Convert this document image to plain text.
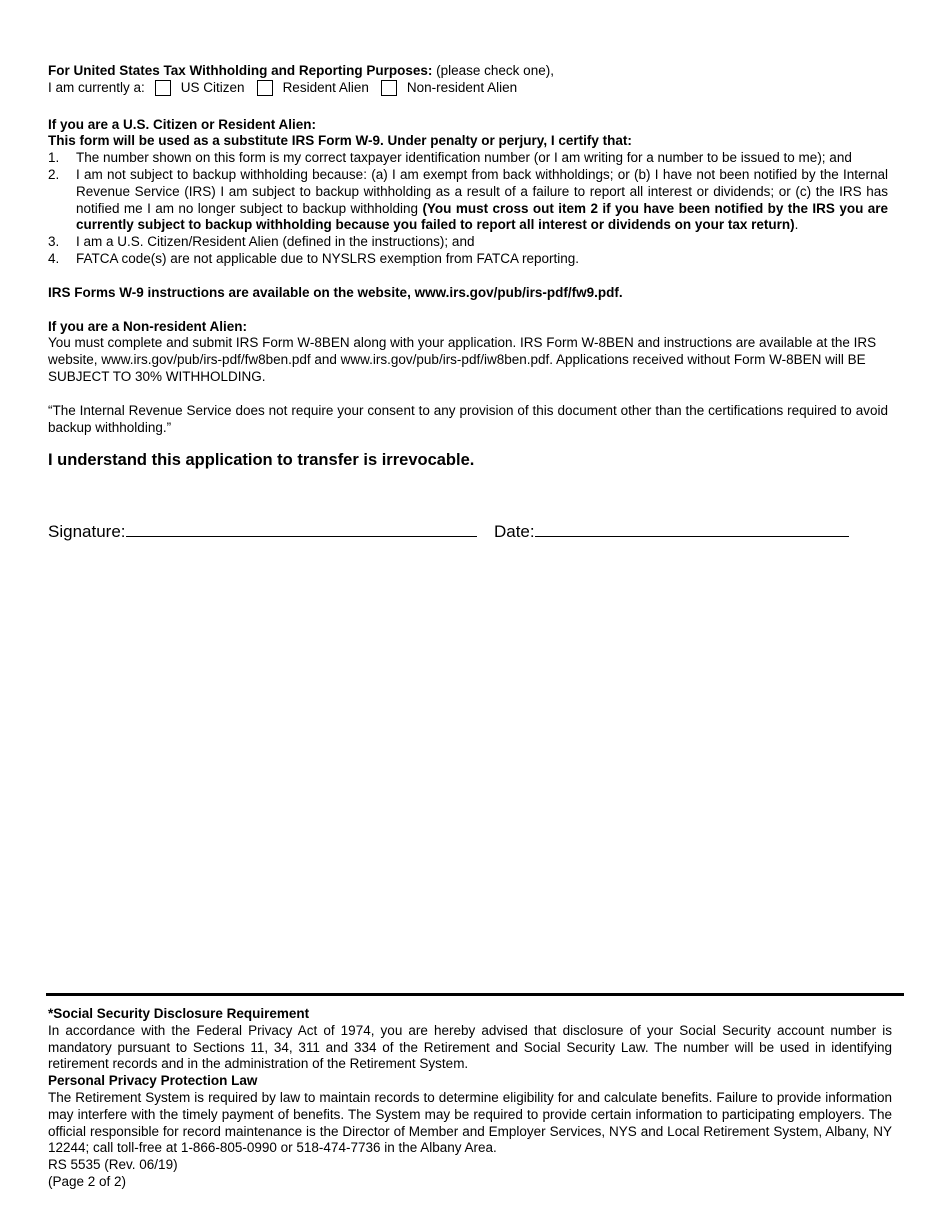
For United States Tax Withholding and Reporting Purposes: (please check one),
I am currently a:	US Citizen	Resident Alien	Non-resident Alien
If you are a U.S. Citizen or Resident Alien:
This form will be used as a substitute IRS Form W-9. Under penalty or perjury, I certify that:
1.	The number shown on this form is my correct taxpayer identification number (or I am writing for a number to be issued to me); and
2.	I am not subject to backup withholding because: (a) I am exempt from back withholdings; or (b) I have not been notified by the Internal Revenue Service (IRS) I am subject to backup withholding as a result of a failure to report all interest or dividends; or (c) the IRS has notified me I am no longer subject to backup withholding (You must cross out item 2 if you have been notified by the IRS you are currently subject to backup withholding because you failed to report all interest or dividends on your tax return).
3.	I am a U.S. Citizen/Resident Alien (defined in the instructions); and
4.	FATCA code(s) are not applicable due to NYSLRS exemption from FATCA reporting.
IRS Forms W-9 instructions are available on the website, www.irs.gov/pub/irs-pdf/fw9.pdf.
If you are a Non-resident Alien:
You must complete and submit IRS Form W-8BEN along with your application. IRS Form W-8BEN and instructions are available at the IRS website, www.irs.gov/pub/irs-pdf/fw8ben.pdf and www.irs.gov/pub/irs-pdf/iw8ben.pdf. Applications received without Form W-8BEN will BE SUBJECT TO 30% WITHHOLDING.
“The Internal Revenue Service does not require your consent to any provision of this document other than the certifications required to avoid backup withholding.”
I understand this application to transfer is irrevocable.
Signature:	Date:
*Social Security Disclosure Requirement
In accordance with the Federal Privacy Act of 1974, you are hereby advised that disclosure of your Social Security account number is mandatory pursuant to Sections 11, 34, 311 and 334 of the Retirement and Social Security Law. The number will be used in identifying retirement records and in the administration of the Retirement System.
Personal Privacy Protection Law
The Retirement System is required by law to maintain records to determine eligibility for and calculate benefits. Failure to provide information may interfere with the timely payment of benefits. The System may be required to provide certain information to participating employers. The official responsible for record maintenance is the Director of Member and Employer Services, NYS and Local Retirement System, Albany, NY 12244; call toll-free at 1-866-805-0990 or 518-474-7736 in the Albany Area.
RS 5535 (Rev. 06/19)
(Page 2 of 2)
